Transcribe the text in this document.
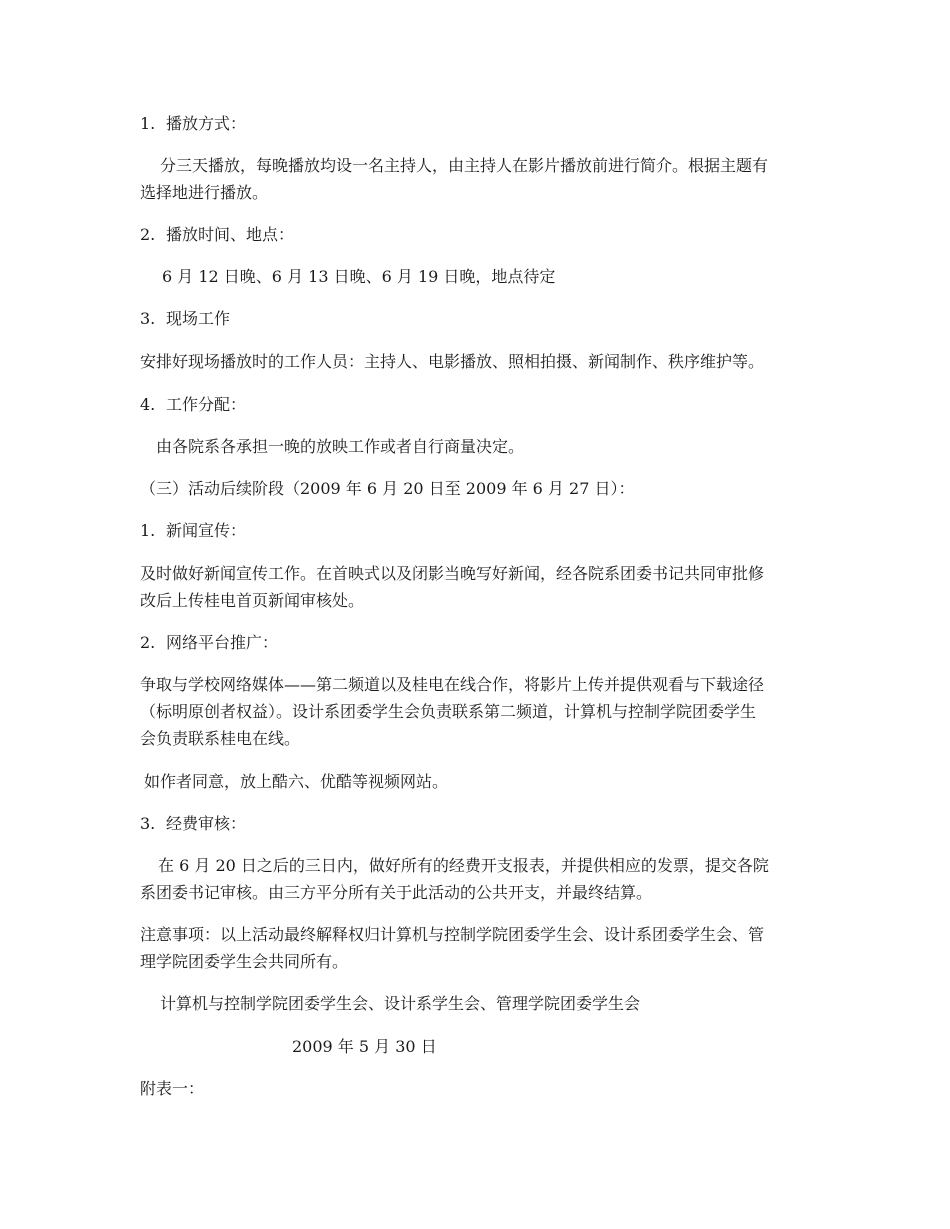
1. 播放方式：
分三天播放，每晚播放均设一名主持人，由主持人在影片播放前进行简介。根据主题有
选择地进行播放。
2. 播放时间、地点：
6 月 12 日晚、6 月 13 日晚、6 月 19 日晚，地点待定
3. 现场工作
安排好现场播放时的工作人员：主持人、电影播放、照相拍摄、新闻制作、秩序维护等。
4. 工作分配：
由各院系各承担一晚的放映工作或者自行商量决定。
（三）活动后续阶段（2009 年 6 月 20 日至 2009 年 6 月 27 日）：
1. 新闻宣传：
及时做好新闻宣传工作。在首映式以及闭影当晚写好新闻，经各院系团委书记共同审批修
改后上传桂电首页新闻审核处。
2. 网络平台推广：
争取与学校网络媒体——第二频道以及桂电在线合作，将影片上传并提供观看与下载途径
（标明原创者权益）。设计系团委学生会负责联系第二频道，计算机与控制学院团委学生
会负责联系桂电在线。
如作者同意，放上酷六、优酷等视频网站。
3. 经费审核：
在 6 月 20 日之后的三日内，做好所有的经费开支报表，并提供相应的发票，提交各院
系团委书记审核。由三方平分所有关于此活动的公共开支，并最终结算。
注意事项：以上活动最终解释权归计算机与控制学院团委学生会、设计系团委学生会、管
理学院团委学生会共同所有。
计算机与控制学院团委学生会、设计系学生会、管理学院团委学生会
2009 年 5 月 30 日
附表一：
